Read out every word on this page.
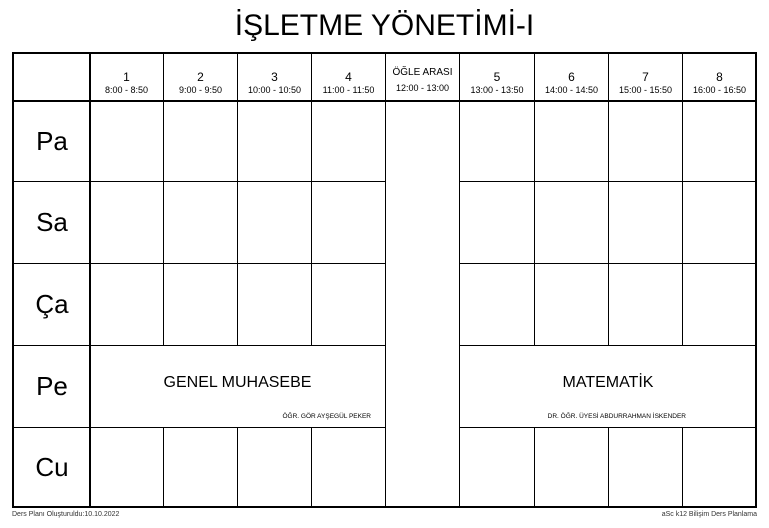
İŞLETME YÖNETİMİ-I
1
8:00 - 8:50
2
9:00 - 9:50
3
10:00 - 10:50
4
11:00 - 11:50
ÖĞLE ARASI
12:00 - 13:00
5
13:00 - 13:50
6
14:00 - 14:50
7
15:00 - 15:50
8
16:00 - 16:50
Pa
Sa
Ça
Pe
Cu
GENEL MUHASEBE
ÖĞR. GÖR AYŞEGÜL PEKER
MATEMATİK
DR. ÖĞR. ÜYESİ ABDURRAHMAN İSKENDER
Ders Planı Oluşturuldu:10.10.2022	aSc k12 Bilişim Ders Planlama
